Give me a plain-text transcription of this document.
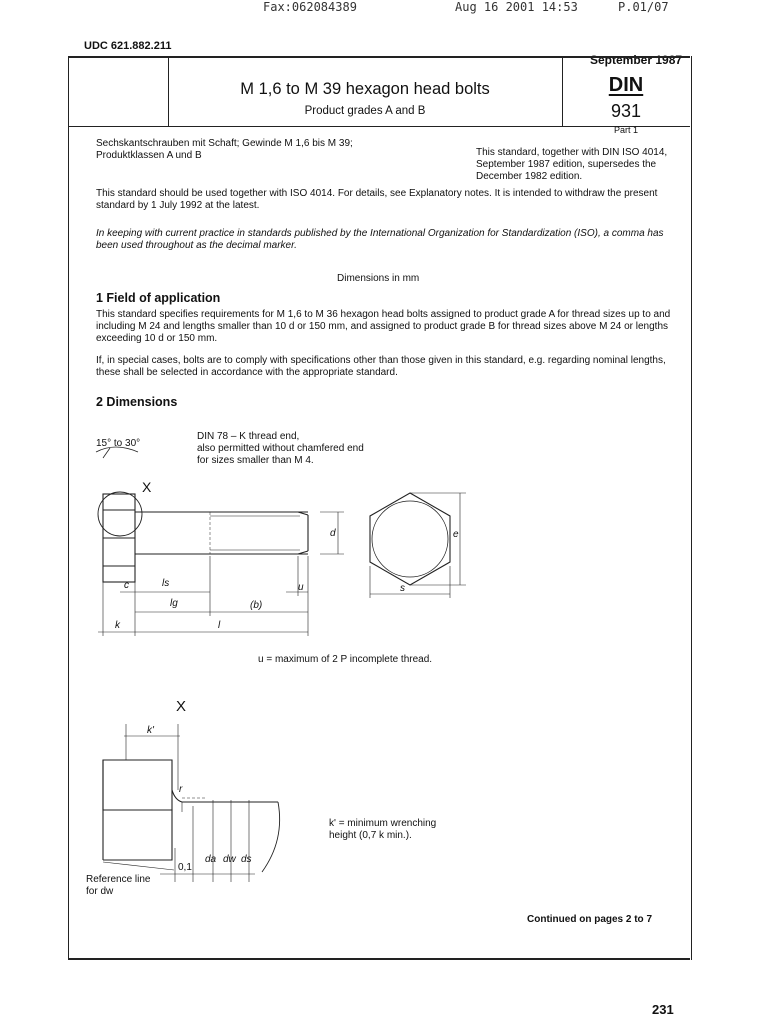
Fax:062084389	Aug 16 2001 14:53	P.01/07
UDC 621.882.211
September 1987
M 1,6 to M 39 hexagon head bolts
Product grades A and B
DIN
931
Part 1
Sechskantschrauben mit Schaft; Gewinde M 1,6 bis M 39; Produktklassen A und B	This standard, together with DIN ISO 4014, September 1987 edition, supersedes the December 1982 edition.
This standard should be used together with ISO 4014. For details, see Explanatory notes. It is intended to withdraw the present standard by 1 July 1992 at the latest.
In keeping with current practice in standards published by the International Organization for Standardization (ISO), a comma has been used throughout as the decimal marker.
Dimensions in mm
1 Field of application
This standard specifies requirements for M 1,6 to M 36 hexagon head bolts assigned to product grade A for thread sizes up to and including M 24 and lengths smaller than 10 d or 150 mm, and assigned to product grade B for thread sizes above M 24 or lengths exceeding 10 d or 150 mm.
If, in special cases, bolts are to comply with specifications other than those given in this standard, e.g. regarding nominal lengths, these shall be selected in accordance with the appropriate standard.
2 Dimensions
DIN 78 – K thread end,
also permitted without chamfered end
for sizes smaller than M 4.
15° to 30°
X
c	ls
lg	(b)
u
k	l
d	e
s
u = maximum of 2 P incomplete thread.
X
k'
r
0,1
da dw ds
k' = minimum wrenching
height (0,7 k min.).
Reference line
for dw
Continued on pages 2 to 7
231
